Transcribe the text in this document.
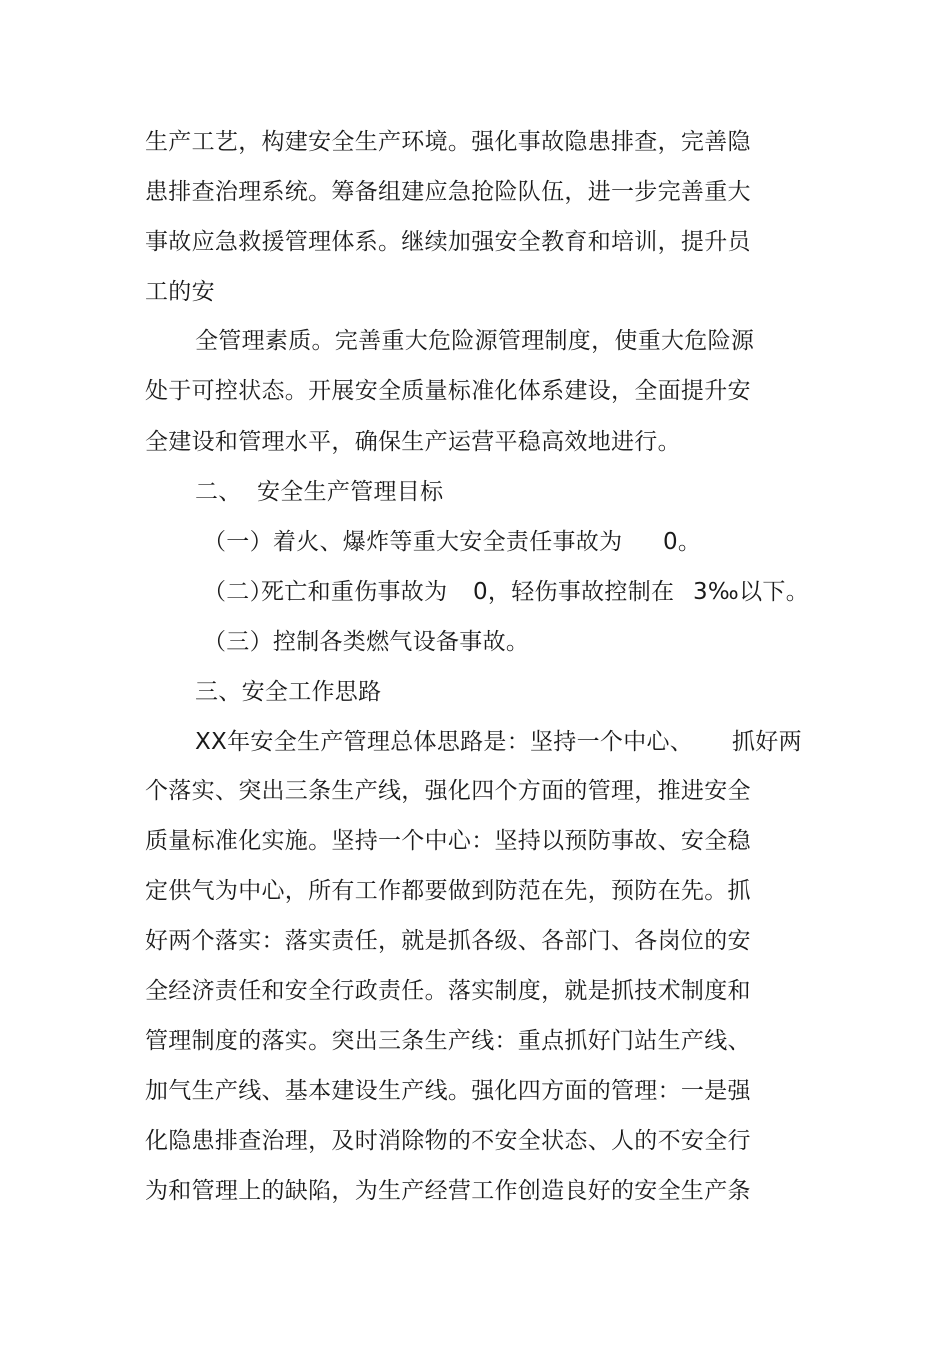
生产工艺，构建安全生产环境。强化事故隐患排查，完善隐
患排查治理系统。筹备组建应急抢险队伍，进一步完善重大
事故应急救援管理体系。继续加强安全教育和培训，提升员
工的安
全管理素质。完善重大危险源管理制度，使重大危险源
处于可控状态。开展安全质量标准化体系建设，全面提升安
全建设和管理水平，确保生产运营平稳高效地进行。
二、 安全生产管理目标
（一）着火、爆炸等重大安全责任事故为 0。
（二）
死亡和重伤事故为 0，轻伤事故控制在 3‰以下。
（三）控制各类燃气设备事故。
三、安全工作思路
XX年安全生产管理总体思路是： 坚持一个中心、 抓好两
个落实、突出三条生产线，强化四个方面的管理，推进安全
质量标准化实施。坚持一个中心：坚持以预防事故、安全稳
定供气为中心，所有工作都要做到防范在先，预防在先。抓
好两个落实：落实责任，就是抓各级、各部门、各岗位的安
全经济责任和安全行政责任。落实制度，就是抓技术制度和
管理制度的落实。突出三条生产线：重点抓好门站生产线、
加气生产线、基本建设生产线。强化四方面的管理：一是强
化隐患排查治理，及时消除物的不安全状态、人的不安全行
为和管理上的缺陷，为生产经营工作创造良好的安全生产条
